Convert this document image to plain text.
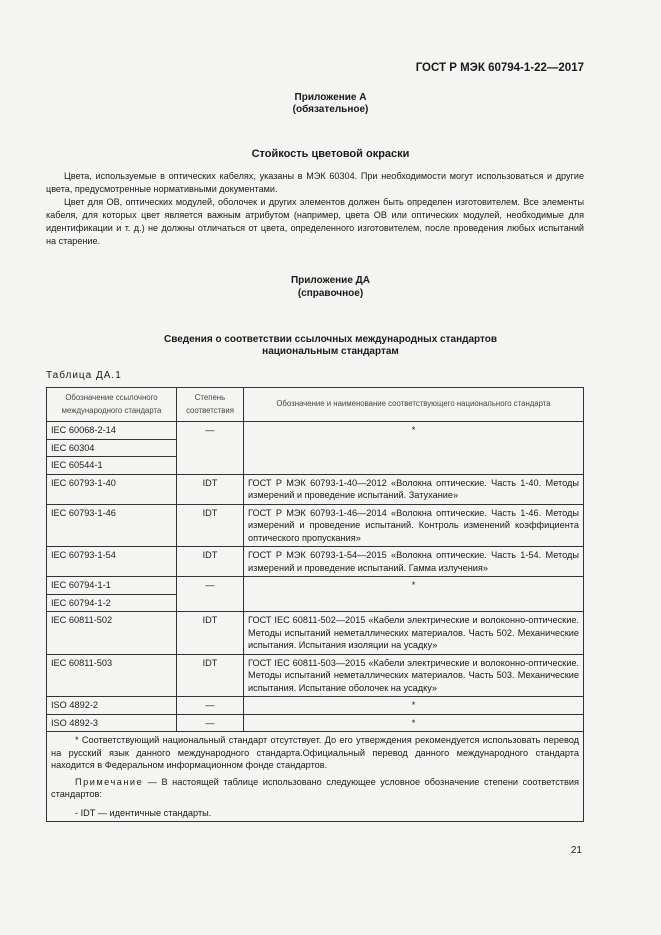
ГОСТ Р МЭК 60794-1-22—2017
Приложение А
(обязательное)
Стойкость цветовой окраски

Цвета, используемые в оптических кабелях, указаны в МЭК 60304. При необходимости могут использоваться и другие цвета, предусмотренные нормативными документами.

Цвет для ОВ, оптических модулей, оболочек и других элементов должен быть определен изготовителем. Все элементы кабеля, для которых цвет является важным атрибутом (например, цвета ОВ или оптических модулей, необходимые для идентификации и т. д.) не должны отличаться от цвета, определенного изготовителем, после проведения любых испытаний на старение.

Приложение ДА
(справочное)
Сведения о соответствии ссылочных международных стандартов
национальным стандартам
Таблица ДА.1
Обозначение ссылочного международного стандарта	Степень соответствия	Обозначение и наименование соответствующего национального стандарта
IEC 60068-2-14	—	*
IEC 60304		
IEC 60544-1		
IEC 60793-1-40	IDT	ГОСТ Р МЭК 60793-1-40—2012 «Волокна оптические. Часть 1-40. Методы измерений и проведение испытаний. Затухание»
IEC 60793-1-46	IDT	ГОСТ Р МЭК 60793-1-46—2014 «Волокна оптические. Часть 1-46. Методы измерений и проведение испытаний. Контроль изменений коэффициента оптического пропускания»
IEC 60793-1-54	IDT	ГОСТ Р МЭК 60793-1-54—2015 «Волокна оптические. Часть 1-54. Методы измерений и проведение испытаний. Гамма излучения»
IEC 60794-1-1	—	*
IEC 60794-1-2		
IEC 60811-502	IDT	ГОСТ IEC 60811-502—2015 «Кабели электрические и волоконно-оптические. Методы испытаний неметаллических материалов. Часть 502. Механические испытания. Испытания изоляции на усадку»
IEC 60811-503	IDT	ГОСТ IEC 60811-503—2015 «Кабели электрические и волоконно-оптические. Методы испытаний неметаллических материалов. Часть 503. Механические испытания. Испытание оболочек на усадку»
ISO 4892-2	—	*
ISO 4892-3	—	*

* Соответствующий национальный стандарт отсутствует. До его утверждения рекомендуется использовать перевод на русский язык данного международного стандарта.Официальный перевод данного международного стандарта находится в Федеральном информационном фонде стандартов.

Примечание — В настоящей таблице использовано следующее условное обозначение степени соответствия стандартов:

- IDT — идентичные стандарты.		

21
